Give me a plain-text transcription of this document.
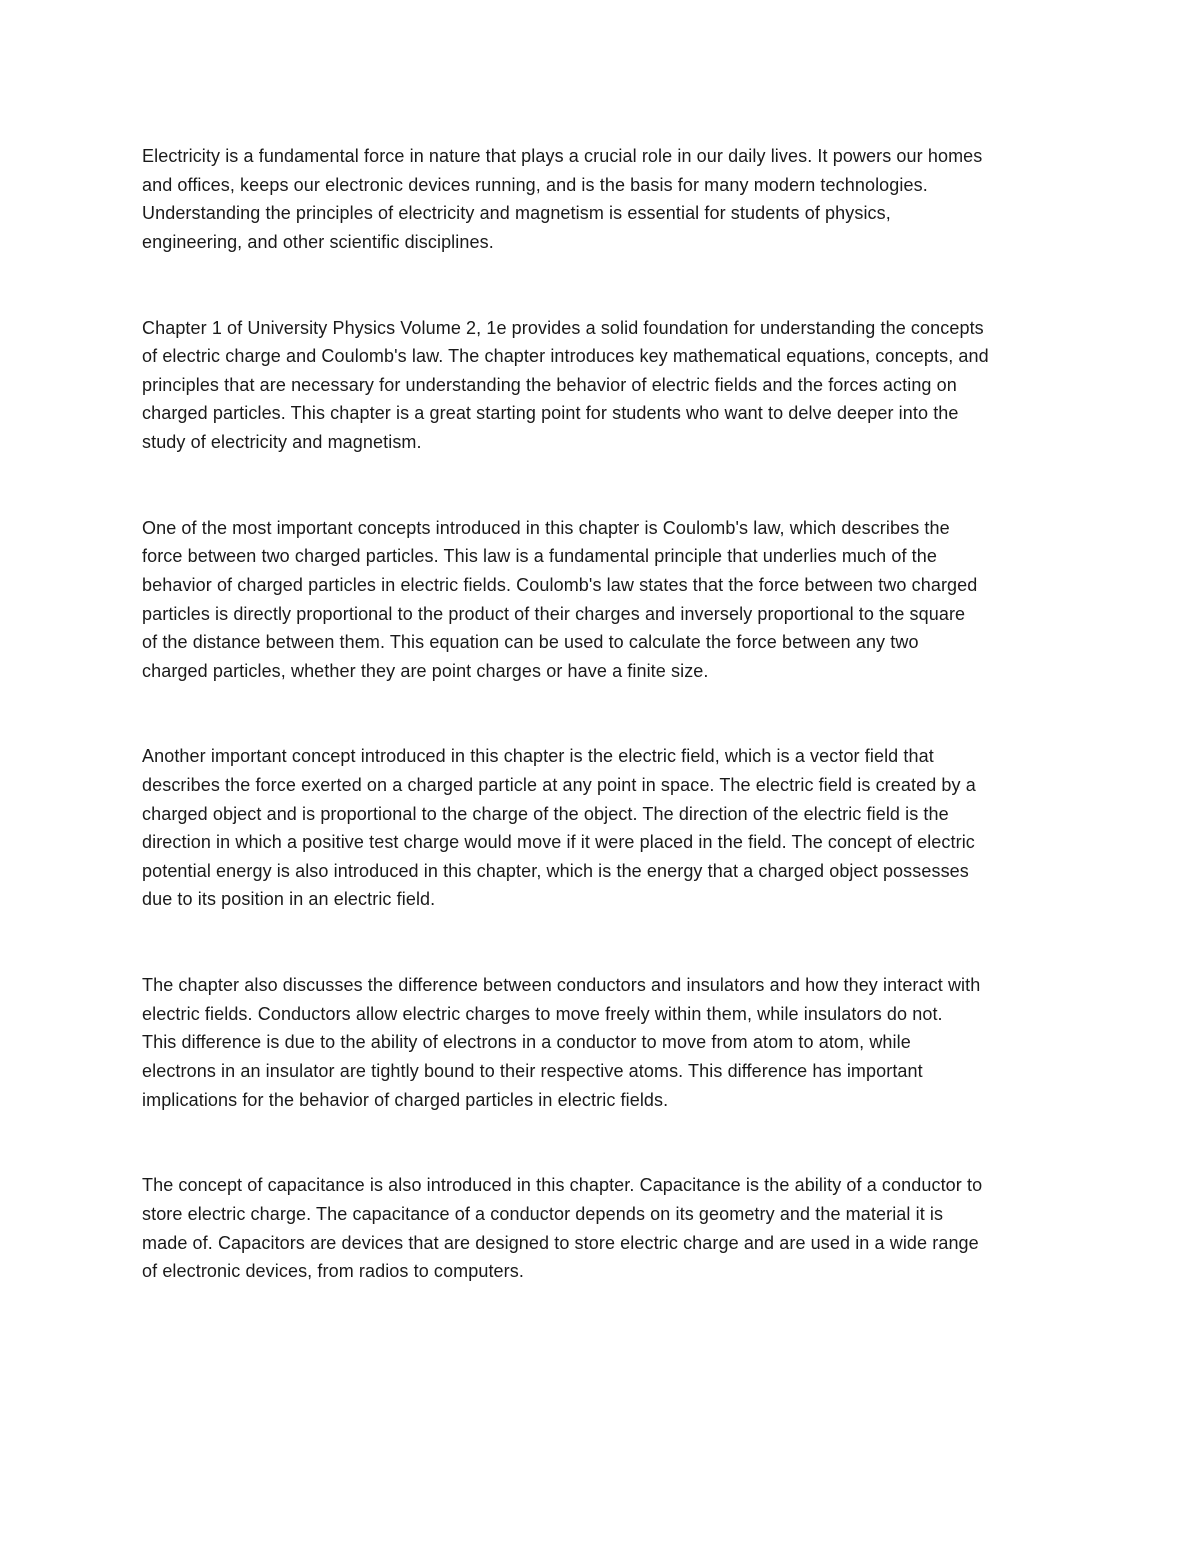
Electricity is a fundamental force in nature that plays a crucial role in our daily lives. It powers our homes
and offices, keeps our electronic devices running, and is the basis for many modern technologies.
Understanding the principles of electricity and magnetism is essential for students of physics,
engineering, and other scientific disciplines.

Chapter 1 of University Physics Volume 2, 1e provides a solid foundation for understanding the concepts
of electric charge and Coulomb's law. The chapter introduces key mathematical equations, concepts, and
principles that are necessary for understanding the behavior of electric fields and the forces acting on
charged particles. This chapter is a great starting point for students who want to delve deeper into the
study of electricity and magnetism.

One of the most important concepts introduced in this chapter is Coulomb's law, which describes the
force between two charged particles. This law is a fundamental principle that underlies much of the
behavior of charged particles in electric fields. Coulomb's law states that the force between two charged
particles is directly proportional to the product of their charges and inversely proportional to the square
of the distance between them. This equation can be used to calculate the force between any two
charged particles, whether they are point charges or have a finite size.

Another important concept introduced in this chapter is the electric field, which is a vector field that
describes the force exerted on a charged particle at any point in space. The electric field is created by a
charged object and is proportional to the charge of the object. The direction of the electric field is the
direction in which a positive test charge would move if it were placed in the field. The concept of electric
potential energy is also introduced in this chapter, which is the energy that a charged object possesses
due to its position in an electric field.

The chapter also discusses the difference between conductors and insulators and how they interact with
electric fields. Conductors allow electric charges to move freely within them, while insulators do not.
This difference is due to the ability of electrons in a conductor to move from atom to atom, while
electrons in an insulator are tightly bound to their respective atoms. This difference has important
implications for the behavior of charged particles in electric fields.

The concept of capacitance is also introduced in this chapter. Capacitance is the ability of a conductor to
store electric charge. The capacitance of a conductor depends on its geometry and the material it is
made of. Capacitors are devices that are designed to store electric charge and are used in a wide range
of electronic devices, from radios to computers.
